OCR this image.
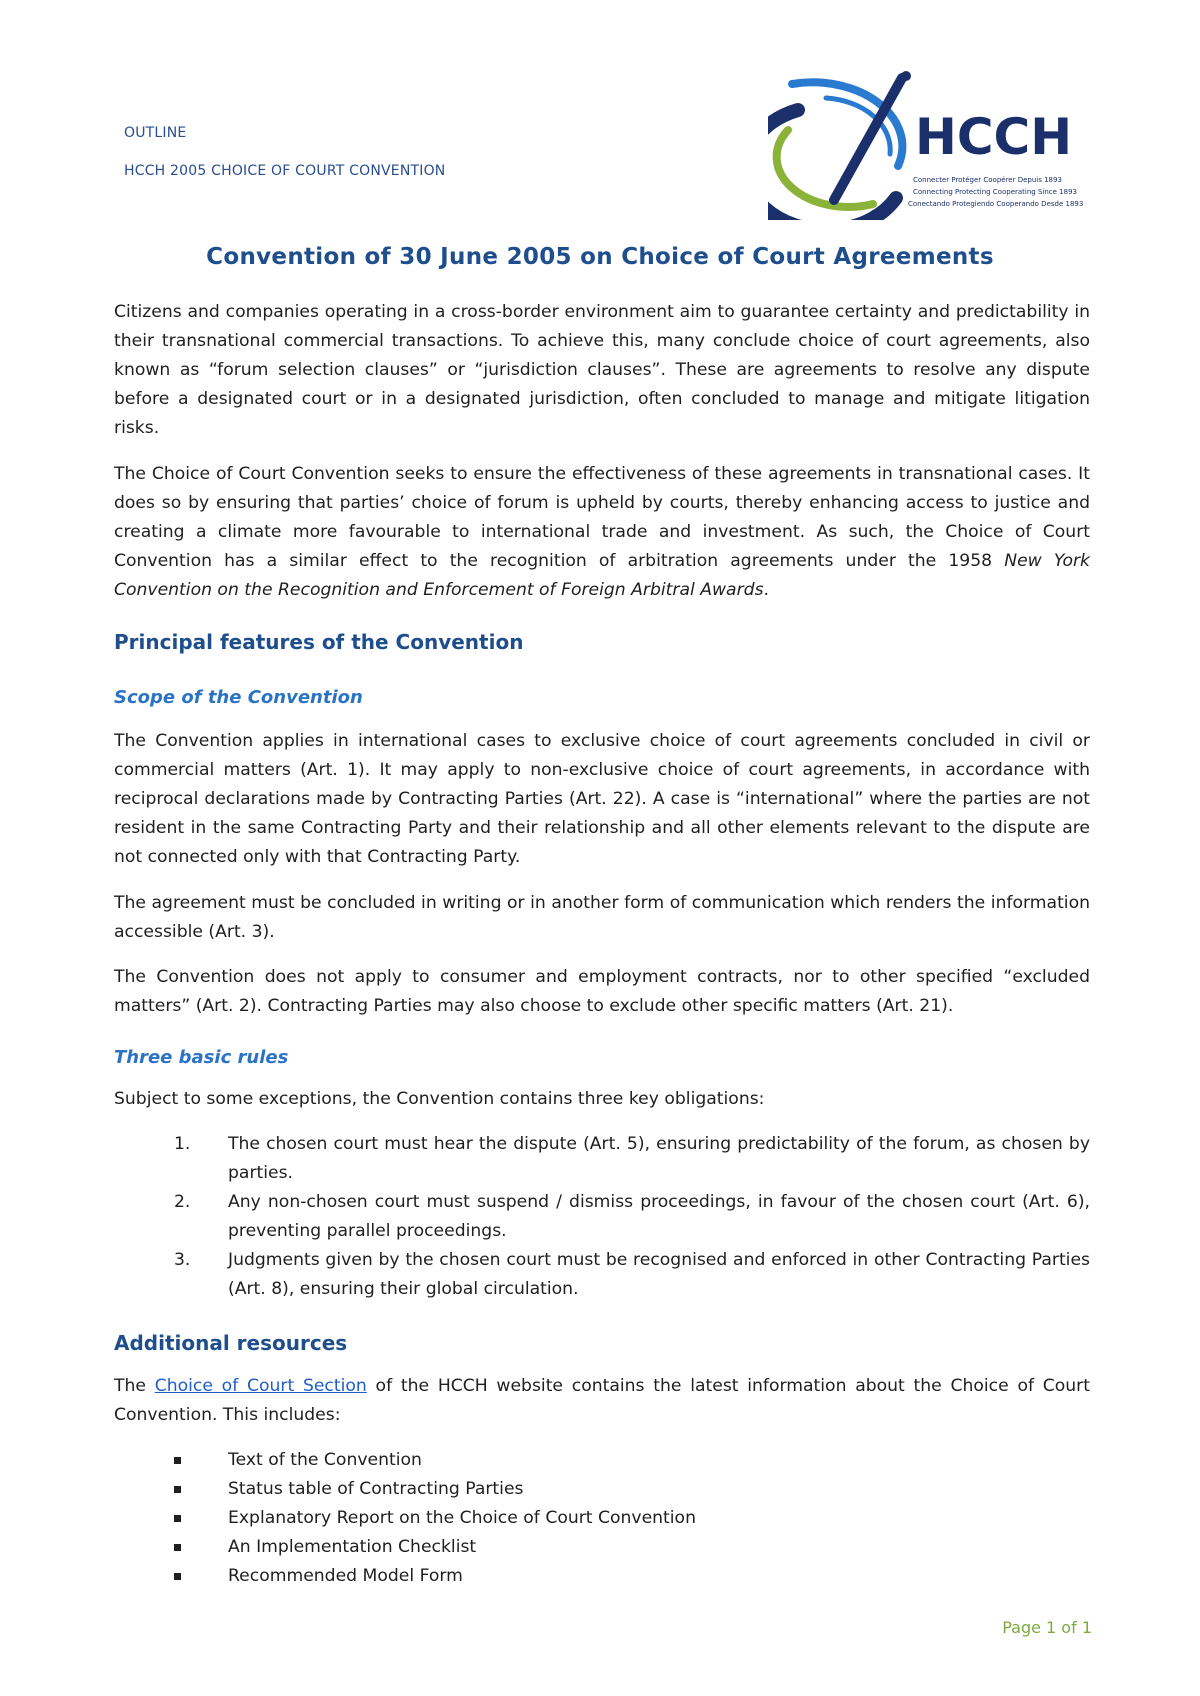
OUTLINE
HCCH 2005 CHOICE OF COURT CONVENTION
HCCH
Connecter Protéger Coopérer Depuis 1893
Connecting Protecting Cooperating Since 1893
Conectando Protegiendo Cooperando Desde 1893
Convention of 30 June 2005 on Choice of Court Agreements

Citizens and companies operating in a cross-border environment aim to guarantee certainty and predictability in their transnational commercial transactions. To achieve this, many conclude choice of court agreements, also known as “forum selection clauses” or “jurisdiction clauses”. These are agreements to resolve any dispute before a designated court or in a designated jurisdiction, often concluded to manage and mitigate litigation risks.

The Choice of Court Convention seeks to ensure the effectiveness of these agreements in transnational cases. It does so by ensuring that parties’ choice of forum is upheld by courts, thereby enhancing access to justice and creating a climate more favourable to international trade and investment. As such, the Choice of Court Convention has a similar effect to the recognition of arbitration agreements under the 1958 New York Convention on the Recognition and Enforcement of Foreign Arbitral Awards.

Principal features of the Convention
Scope of the Convention

The Convention applies in international cases to exclusive choice of court agreements concluded in civil or commercial matters (Art. 1). It may apply to non-exclusive choice of court agreements, in accordance with reciprocal declarations made by Contracting Parties (Art. 22). A case is “international” where the parties are not resident in the same Contracting Party and their relationship and all other elements relevant to the dispute are not connected only with that Contracting Party.

The agreement must be concluded in writing or in another form of communication which renders the information accessible (Art. 3).

The Convention does not apply to consumer and employment contracts, nor to other specified “excluded matters” (Art. 2). Contracting Parties may also choose to exclude other specific matters (Art. 21).

Three basic rules

Subject to some exceptions, the Convention contains three key obligations:

1. The chosen court must hear the dispute (Art. 5), ensuring predictability of the forum, as chosen by parties.
2. Any non-chosen court must suspend / dismiss proceedings, in favour of the chosen court (Art. 6), preventing parallel proceedings.
3. Judgments given by the chosen court must be recognised and enforced in other Contracting Parties (Art. 8), ensuring their global circulation.
Additional resources

The Choice of Court Section of the HCCH website contains the latest information about the Choice of Court Convention. This includes:

Text of the Convention
Status table of Contracting Parties
Explanatory Report on the Choice of Court Convention
An Implementation Checklist
Recommended Model Form
Page 1 of 1
